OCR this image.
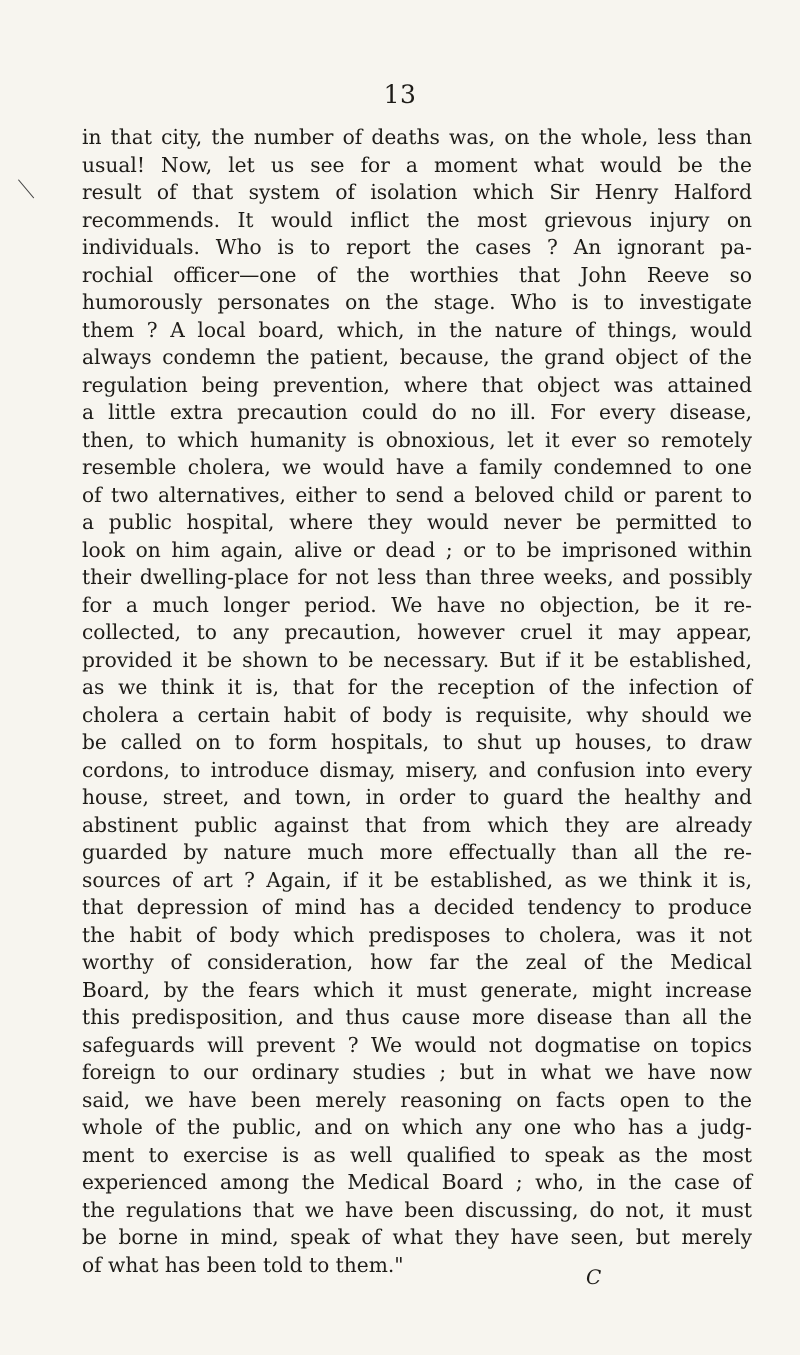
13
in that city, the number of deaths was, on the whole, less than
usual! Now, let us see for a moment what would be the
result of that system of isolation which Sir Henry Halford
recommends. It would inflict the most grievous injury on
individuals. Who is to report the cases ? An ignorant pa-
rochial officer—one of the worthies that John Reeve so
humorously personates on the stage. Who is to investigate
them ? A local board, which, in the nature of things, would
always condemn the patient, because, the grand object of the
regulation being prevention, where that object was attained
a little extra precaution could do no ill. For every disease,
then, to which humanity is obnoxious, let it ever so remotely
resemble cholera, we would have a family condemned to one
of two alternatives, either to send a beloved child or parent to
a public hospital, where they would never be permitted to
look on him again, alive or dead ; or to be imprisoned within
their dwelling-place for not less than three weeks, and possibly
for a much longer period. We have no objection, be it re-
collected, to any precaution, however cruel it may appear,
provided it be shown to be necessary. But if it be established,
as we think it is, that for the reception of the infection of
cholera a certain habit of body is requisite, why should we
be called on to form hospitals, to shut up houses, to draw
cordons, to introduce dismay, misery, and confusion into every
house, street, and town, in order to guard the healthy and
abstinent public against that from which they are already
guarded by nature much more effectually than all the re-
sources of art ? Again, if it be established, as we think it is,
that depression of mind has a decided tendency to produce
the habit of body which predisposes to cholera, was it not
worthy of consideration, how far the zeal of the Medical
Board, by the fears which it must generate, might increase
this predisposition, and thus cause more disease than all the
safeguards will prevent ? We would not dogmatise on topics
foreign to our ordinary studies ; but in what we have now
said, we have been merely reasoning on facts open to the
whole of the public, and on which any one who has a judg-
ment to exercise is as well qualified to speak as the most
experienced among the Medical Board ; who, in the case of
the regulations that we have been discussing, do not, it must
be borne in mind, speak of what they have seen, but merely
of what has been told to them."
C
